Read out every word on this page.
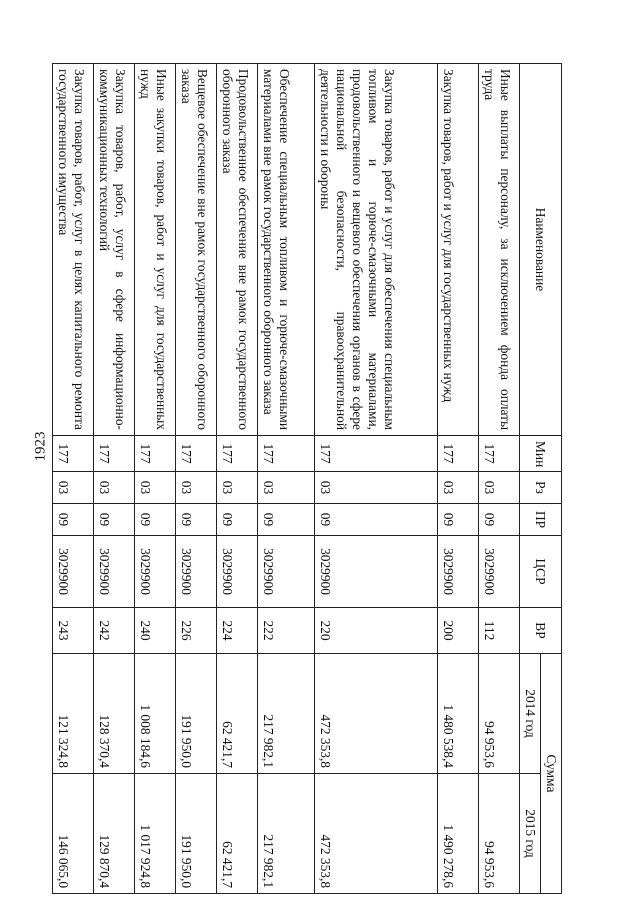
1923
Наименование	Мин	Рз	ПР	ЦСР	ВР	Сумма	
						2014 год	2015 год
Иные выплаты персоналу, за исключением фонда оплаты труда	177	03	09	3029900	112	94 953,6	94 953,6
Закупка товаров, работ и услуг для государственных нужд	177	03	09	3029900	200	1 480 538,4	1 490 278,6
Закупка товаров, работ и услуг для обеспечения специальным топливом и горюче-смазочными материалами, продовольственного и вещевого обеспечения органов в сфере национальной безопасности, правоохранительной деятельности и обороны	177	03	09	3029900	220	472 353,8	472 353,8
Обеспечение специальным топливом и горюче-смазочными материалами вне рамок государственного оборонного заказа	177	03	09	3029900	222	217 982,1	217 982,1
Продовольственное обеспечение вне рамок государственного оборонного заказа	177	03	09	3029900	224	62 421,7	62 421,7
Вещевое обеспечение вне рамок государственного оборонного заказа	177	03	09	3029900	226	191 950,0	191 950,0
Иные закупки товаров, работ и услуг для государственных нужд	177	03	09	3029900	240	1 008 184,6	1 017 924,8
Закупка товаров, работ, услуг в сфере информационно-коммуникационных технологий	177	03	09	3029900	242	128 370,4	129 870,4
Закупка товаров, работ, услуг в целях капитального ремонта государственного имущества	177	03	09	3029900	243	121 324,8	146 065,0
